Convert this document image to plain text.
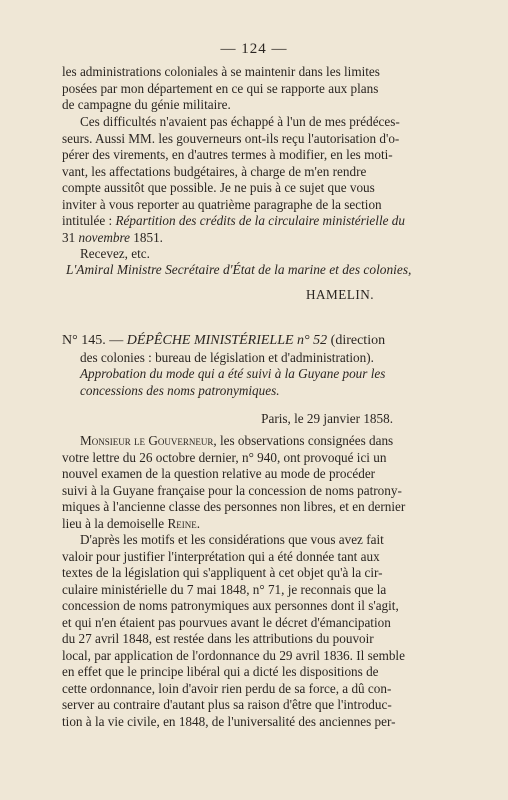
— 124 —
les administrations coloniales à se maintenir dans les limites
posées par mon département en ce qui se rapporte aux plans
de campagne du génie militaire.
Ces difficultés n'avaient pas échappé à l'un de mes prédéces-
seurs. Aussi MM. les gouverneurs ont-ils reçu l'autorisation d'o-
pérer des virements, en d'autres termes à modifier, en les moti-
vant, les affectations budgétaires, à charge de m'en rendre
compte aussitôt que possible. Je ne puis à ce sujet que vous
inviter à vous reporter au quatrième paragraphe de la section
intitulée : Répartition des crédits de la circulaire ministérielle du
31 novembre 1851.
Recevez, etc.
L'Amiral Ministre Secrétaire d'État de la marine et des colonies,
HAMELIN.
N° 145. — DÉPÊCHE MINISTÉRIELLE n° 52 (direction
des colonies : bureau de législation et d'administration).
Approbation du mode qui a été suivi à la Guyane pour les
concessions des noms patronymiques.
Paris, le 29 janvier 1858.
Monsieur le Gouverneur, les observations consignées dans
votre lettre du 26 octobre dernier, n° 940, ont provoqué ici un
nouvel examen de la question relative au mode de procéder
suivi à la Guyane française pour la concession de noms patrony-
miques à l'ancienne classe des personnes non libres, et en dernier
lieu à la demoiselle Reine.
D'après les motifs et les considérations que vous avez fait
valoir pour justifier l'interprétation qui a été donnée tant aux
textes de la législation qui s'appliquent à cet objet qu'à la cir-
culaire ministérielle du 7 mai 1848, n° 71, je reconnais que la
concession de noms patronymiques aux personnes dont il s'agit,
et qui n'en étaient pas pourvues avant le décret d'émancipation
du 27 avril 1848, est restée dans les attributions du pouvoir
local, par application de l'ordonnance du 29 avril 1836. Il semble
en effet que le principe libéral qui a dicté les dispositions de
cette ordonnance, loin d'avoir rien perdu de sa force, a dû con-
server au contraire d'autant plus sa raison d'être que l'introduc-
tion à la vie civile, en 1848, de l'universalité des anciennes per-
